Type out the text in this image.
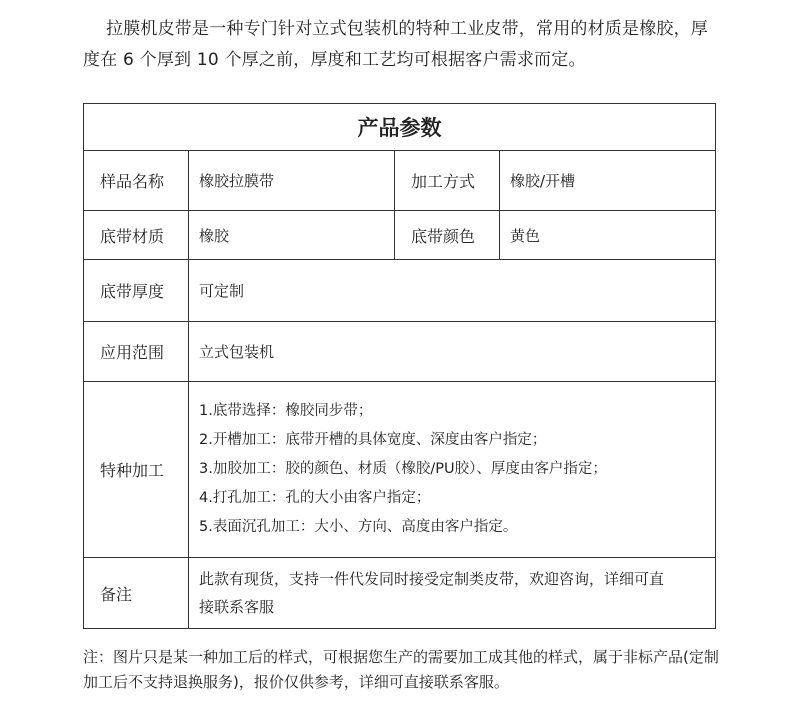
拉膜机皮带是一种专门针对立式包装机的特种工业皮带，常用的材质是橡胶，厚度在 6 个厚到 10 个厚之前，厚度和工艺均可根据客户需求而定。

产品参数			
样品名称	橡胶拉膜带	加工方式	橡胶/开槽
底带材质	橡胶	底带颜色	黄色
底带厚度	可定制		
应用范围	立式包装机		
特种加工	1.底带选择：橡胶同步带；
2.开槽加工：底带开槽的具体宽度、深度由客户指定；
3.加胶加工：胶的颜色、材质（橡胶/PU胶）、厚度由客户指定；
4.打孔加工：孔的大小由客户指定；
5.表面沉孔加工：大小、方向、高度由客户指定。		

备注	此款有现货，支持一件代发同时接受定制类皮带，欢迎咨询，详细可直接联系客服		

注：图片只是某一种加工后的样式，可根据您生产的需要加工成其他的样式，属于非标产品(定制加工后不支持退换服务)，报价仅供参考，详细可直接联系客服。
